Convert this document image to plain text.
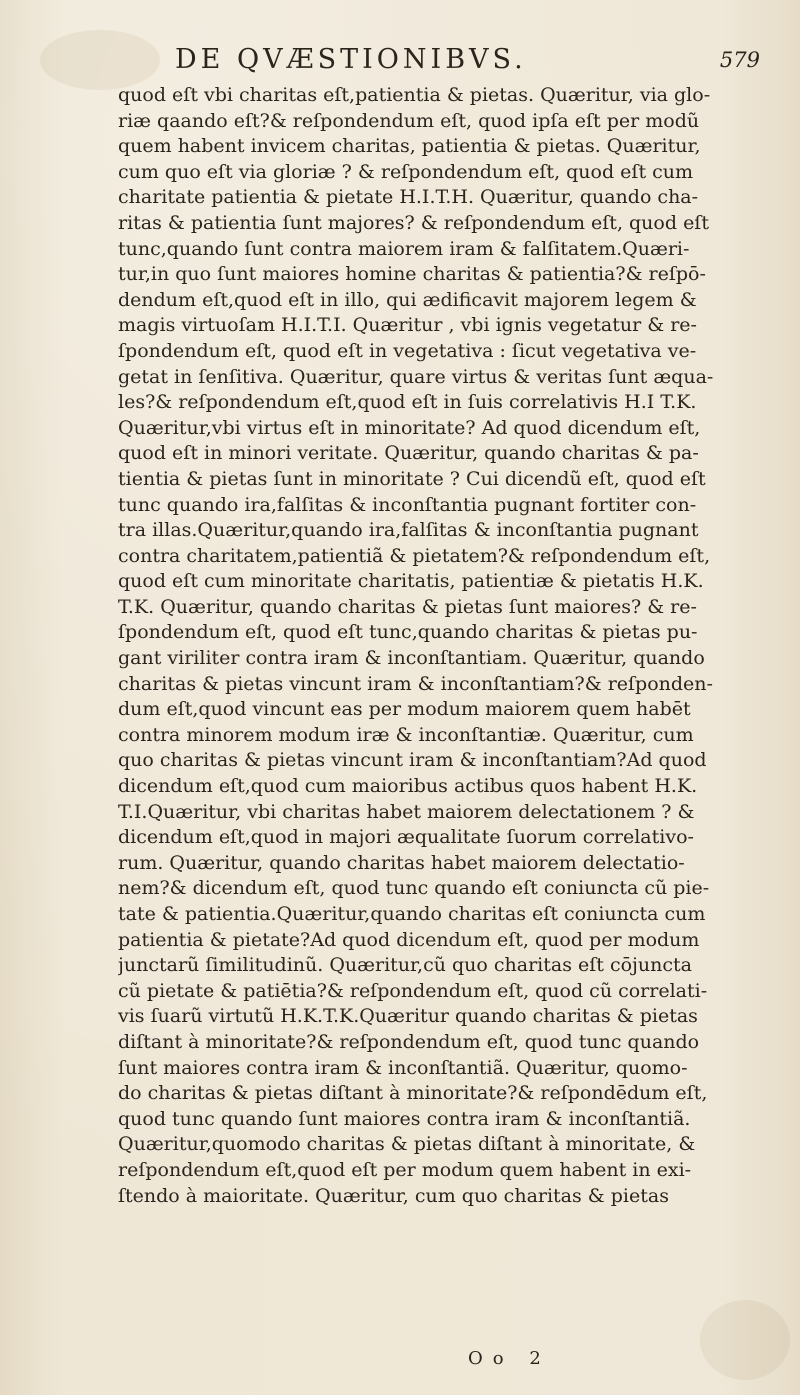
DE QVÆSTIONIBVS.	579
quod eſt vbi charitas eſt,patientia & pietas. Quæritur, via glo-
riæ qaando eſt?& reſpondendum eſt, quod ipſa eſt per modũ
quem habent invicem charitas, patientia & pietas. Quæritur,
cum quo eſt via gloriæ ? & reſpondendum eſt, quod eſt cum
charitate patientia & pietate H.I.T.H. Quæritur, quando cha-
ritas & patientia ſunt majores? & reſpondendum eſt, quod eſt
tunc,quando ſunt contra maiorem iram & falſitatem.Quæri-
tur,in quo ſunt maiores homine charitas & patientia?& reſpō-
dendum eſt,quod eſt in illo, qui ædificavit majorem legem &
magis virtuoſam H.I.T.I. Quæritur , vbi ignis vegetatur & re-
ſpondendum eſt, quod eſt in vegetativa : ſicut vegetativa ve-
getat in ſenſitiva. Quæritur, quare virtus & veritas ſunt æqua-
les?& reſpondendum eſt,quod eſt in ſuis correlativis H.I T.K.
Quæritur,vbi virtus eſt in minoritate? Ad quod dicendum eſt,
quod eſt in minori veritate. Quæritur, quando charitas & pa-
tientia & pietas ſunt in minoritate ? Cui dicendũ eſt, quod eſt
tunc quando ira,falſitas & inconſtantia pugnant fortiter con-
tra illas.Quæritur,quando ira,falſitas & inconſtantia pugnant
contra charitatem,patientiã & pietatem?& reſpondendum eſt,
quod eſt cum minoritate charitatis, patientiæ & pietatis H.K.
T.K. Quæritur, quando charitas & pietas ſunt maiores? & re-
ſpondendum eſt, quod eſt tunc,quando charitas & pietas pu-
gant viriliter contra iram & inconſtantiam. Quæritur, quando
charitas & pietas vincunt iram & inconſtantiam?& reſponden-
dum eſt,quod vincunt eas per modum maiorem quem habēt
contra minorem modum iræ & inconſtantiæ. Quæritur, cum
quo charitas & pietas vincunt iram & inconſtantiam?Ad quod
dicendum eſt,quod cum maioribus actibus quos habent H.K.
T.I.Quæritur, vbi charitas habet maiorem delectationem ? &
dicendum eſt,quod in majori æqualitate ſuorum correlativo-
rum. Quæritur, quando charitas habet maiorem delectatio-
nem?& dicendum eſt, quod tunc quando eſt coniuncta cũ pie-
tate & patientia.Quæritur,quando charitas eſt coniuncta cum
patientia & pietate?Ad quod dicendum eſt, quod per modum
junctarũ ſimilitudinũ. Quæritur,cũ quo charitas eſt cōjuncta
cũ pietate & patiētia?& reſpondendum eſt, quod cũ correlati-
vis ſuarũ virtutũ H.K.T.K.Quæritur quando charitas & pietas
diſtant à minoritate?& reſpondendum eſt, quod tunc quando
ſunt maiores contra iram & inconſtantiã. Quæritur, quomo-
do charitas & pietas diſtant à minoritate?& reſpondēdum eſt,
quod tunc quando ſunt maiores contra iram & inconſtantiã.
Quæritur,quomodo charitas & pietas diſtant à minoritate, &
reſpondendum eſt,quod eſt per modum quem habent in exi-
ſtendo à maioritate. Quæritur, cum quo charitas & pietas
Oo 2
